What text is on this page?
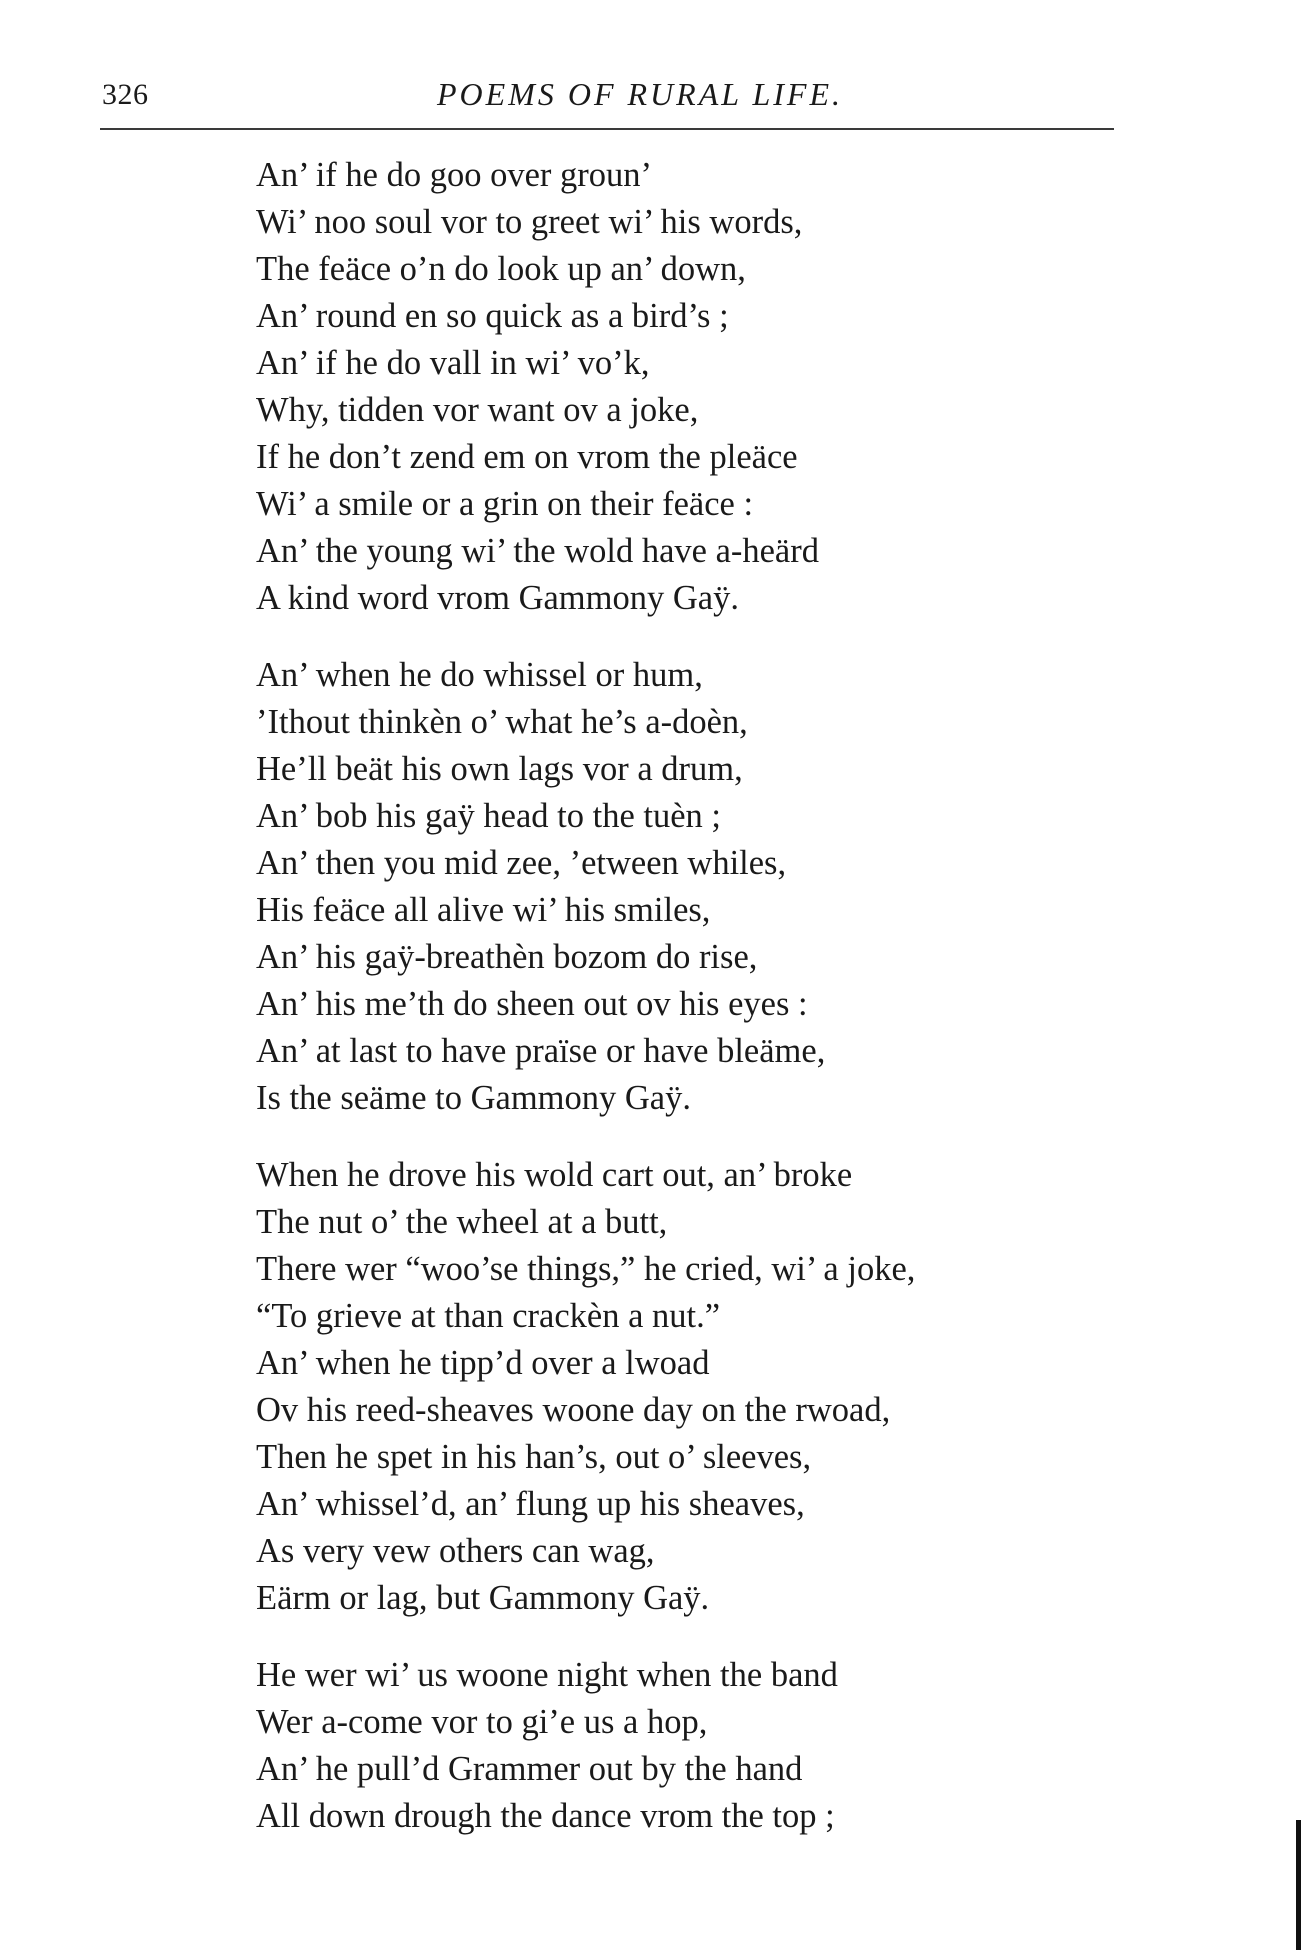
326	POEMS OF RURAL LIFE.
An’ if he do goo over groun’
Wi’ noo soul vor to greet wi’ his words,
The feäce o’n do look up an’ down,
An’ round en so quick as a bird’s ;
An’ if he do vall in wi’ vo’k,
Why, tidden vor want ov a joke,
If he don’t zend em on vrom the pleäce
Wi’ a smile or a grin on their feäce :
An’ the young wi’ the wold have a-heärd
A kind word vrom Gammony Gaÿ.
An’ when he do whissel or hum,
’Ithout thinkèn o’ what he’s a-doèn,
He’ll beät his own lags vor a drum,
An’ bob his gaÿ head to the tuèn ;
An’ then you mid zee, ’etween whiles,
His feäce all alive wi’ his smiles,
An’ his gaÿ-breathèn bozom do rise,
An’ his me’th do sheen out ov his eyes :
An’ at last to have praïse or have bleäme,
Is the seäme to Gammony Gaÿ.
When he drove his wold cart out, an’ broke
The nut o’ the wheel at a butt,
There wer “woo’se things,” he cried, wi’ a joke,
“To grieve at than crackèn a nut.”
An’ when he tipp’d over a lwoad
Ov his reed-sheaves woone day on the rwoad,
Then he spet in his han’s, out o’ sleeves,
An’ whissel’d, an’ flung up his sheaves,
As very vew others can wag,
Eärm or lag, but Gammony Gaÿ.
He wer wi’ us woone night when the band
Wer a-come vor to gi’e us a hop,
An’ he pull’d Grammer out by the hand
All down drough the dance vrom the top ;
